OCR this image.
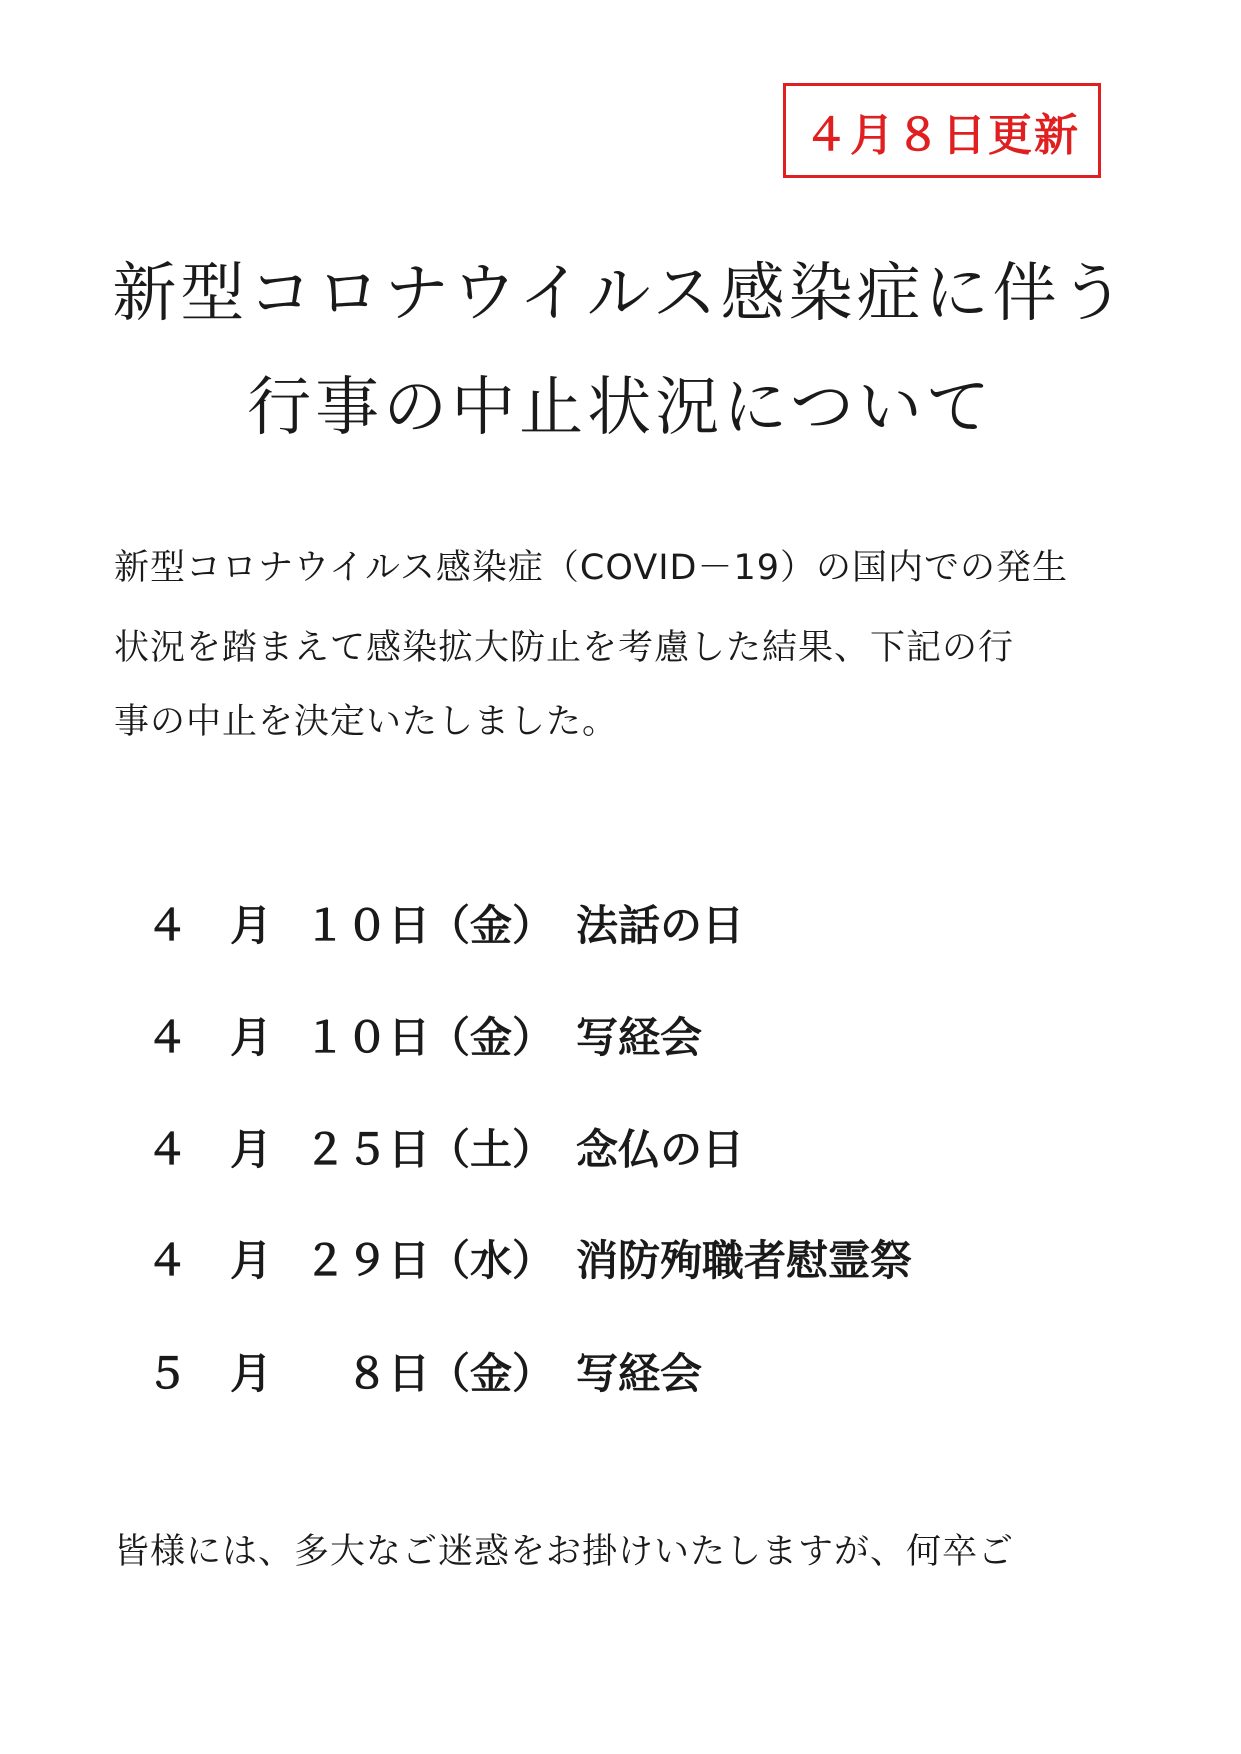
４月８日更新
新型コロナウイルス感染症に伴う
行事の中止状況について
新型コロナウイルス感染症（COVID－19）の国内での発生
状況を踏まえて感染拡大防止を考慮した結果、下記の行
事の中止を決定いたしました。
４　月 １０日
（金） 法話の日
４　月 １０日
（金） 写経会
４　月 ２５日
（土） 念仏の日
４　月 ２９日
（水） 消防殉職者慰霊祭
５　月 　８日
（金） 写経会
皆様には、多大なご迷惑をお掛けいたしますが、何卒ご
